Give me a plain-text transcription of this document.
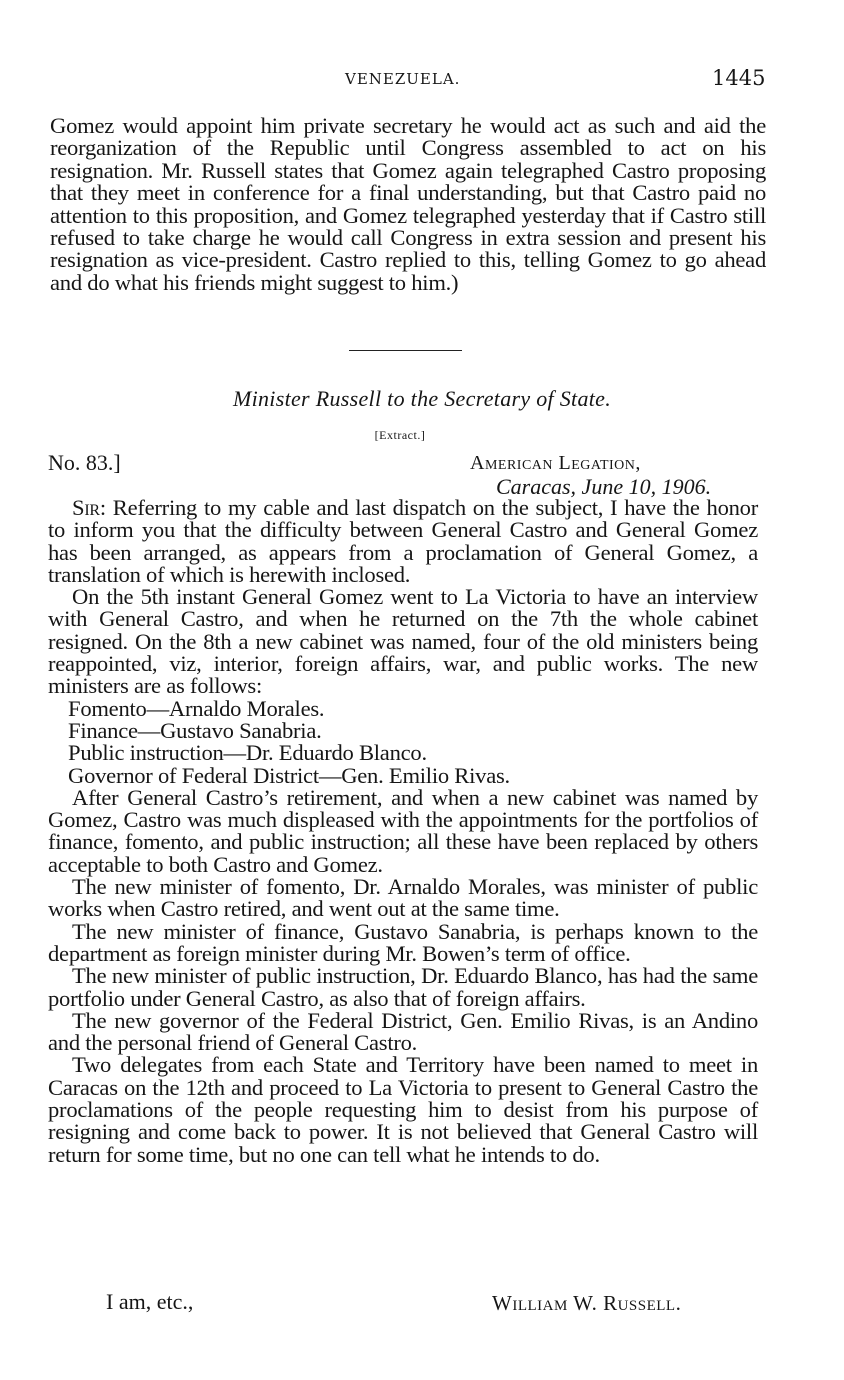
VENEZUELA.	1445

Gomez would appoint him private secretary he would act as such and aid the reorganization of the Republic until Congress assembled to act on his resignation. Mr. Russell states that Gomez again telegraphed Castro proposing that they meet in conference for a final understanding, but that Castro paid no attention to this proposition, and Gomez telegraphed yesterday that if Castro still refused to take charge he would call Congress in extra session and present his resignation as vice-president. Castro replied to this, telling Gomez to go ahead and do what his friends might suggest to him.)

Minister Russell to the Secretary of State.
[Extract.]
No. 83.]	American Legation,
Caracas, June 10, 1906.

Sir: Referring to my cable and last dispatch on the subject, I have the honor to inform you that the difficulty between General Castro and General Gomez has been arranged, as appears from a proclamation of General Gomez, a translation of which is herewith inclosed.

On the 5th instant General Gomez went to La Victoria to have an interview with General Castro, and when he returned on the 7th the whole cabinet resigned. On the 8th a new cabinet was named, four of the old ministers being reappointed, viz, interior, foreign affairs, war, and public works. The new ministers are as follows:

Fomento—Arnaldo Morales.

Finance—Gustavo Sanabria.

Public instruction—Dr. Eduardo Blanco.

Governor of Federal District—Gen. Emilio Rivas.

After General Castro’s retirement, and when a new cabinet was named by Gomez, Castro was much displeased with the appointments for the portfolios of finance, fomento, and public instruction; all these have been replaced by others acceptable to both Castro and Gomez.

The new minister of fomento, Dr. Arnaldo Morales, was minister of public works when Castro retired, and went out at the same time.

The new minister of finance, Gustavo Sanabria, is perhaps known to the department as foreign minister during Mr. Bowen’s term of office.

The new minister of public instruction, Dr. Eduardo Blanco, has had the same portfolio under General Castro, as also that of foreign affairs.

The new governor of the Federal District, Gen. Emilio Rivas, is an Andino and the personal friend of General Castro.

Two delegates from each State and Territory have been named to meet in Caracas on the 12th and proceed to La Victoria to present to General Castro the proclamations of the people requesting him to desist from his purpose of resigning and come back to power. It is not believed that General Castro will return for some time, but no one can tell what he intends to do.

I am, etc.,	William W. Russell.
